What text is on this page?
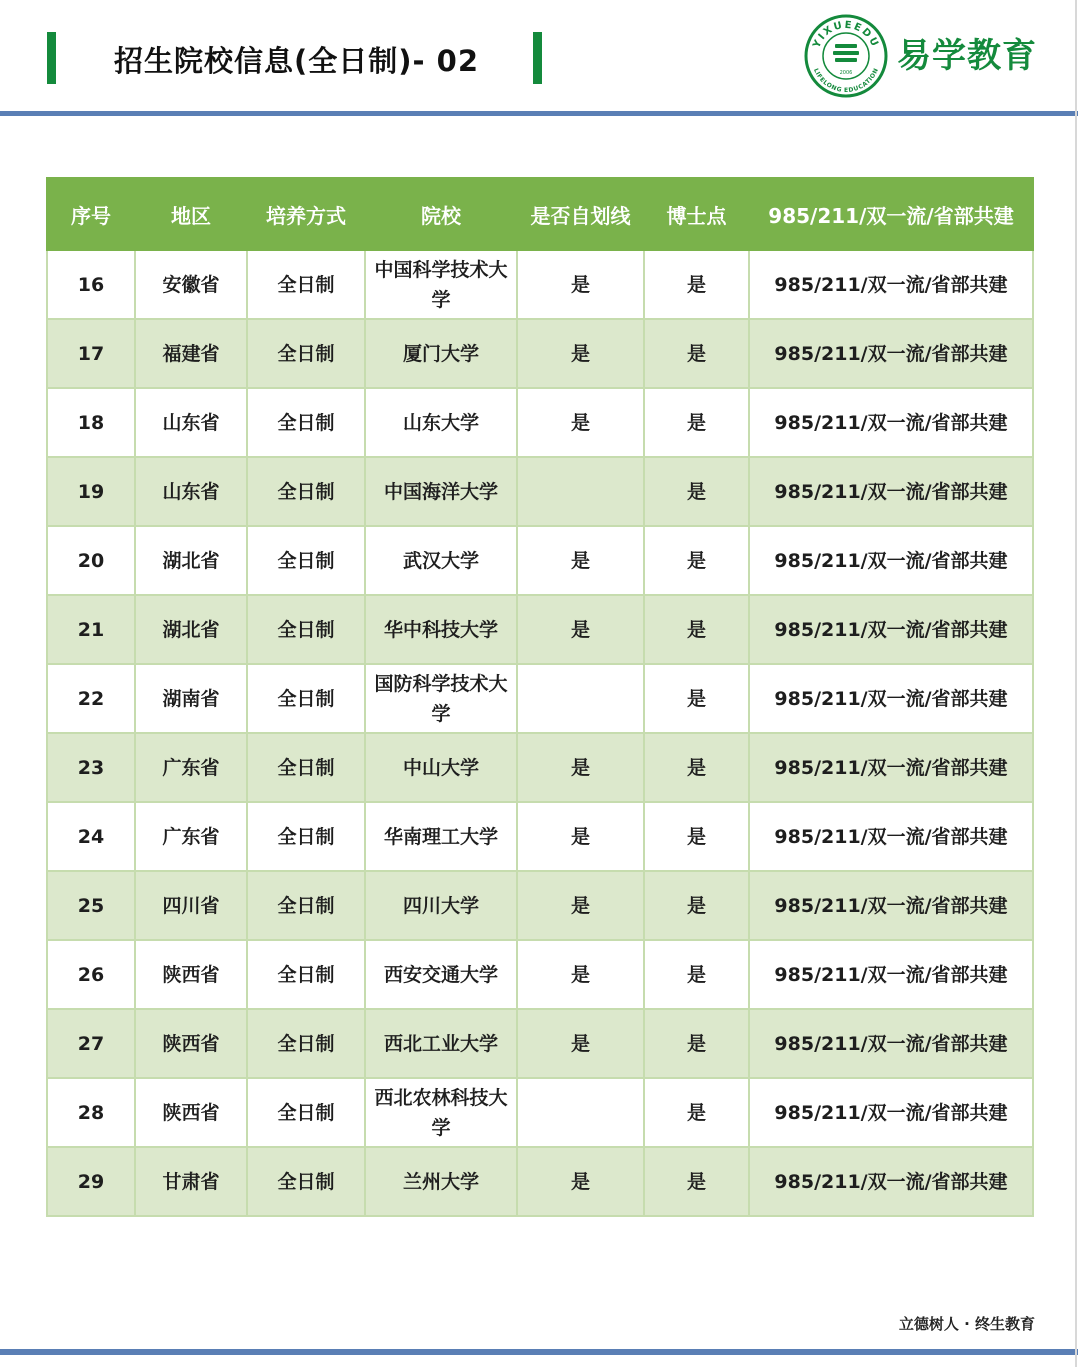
招生院校信息(全日制)- 02
YIXUEEDU
LIFELONG EDUCATION
2006 易学教育
序号	地区	培养方式	院校	是否自划线	博士点	985/211/双一流/省部共建
16	安徽省	全日制	中国科学技术大学	是	是	985/211/双一流/省部共建
17	福建省	全日制	厦门大学	是	是	985/211/双一流/省部共建
18	山东省	全日制	山东大学	是	是	985/211/双一流/省部共建
19	山东省	全日制	中国海洋大学		是	985/211/双一流/省部共建
20	湖北省	全日制	武汉大学	是	是	985/211/双一流/省部共建
21	湖北省	全日制	华中科技大学	是	是	985/211/双一流/省部共建
22	湖南省	全日制	国防科学技术大学		是	985/211/双一流/省部共建
23	广东省	全日制	中山大学	是	是	985/211/双一流/省部共建
24	广东省	全日制	华南理工大学	是	是	985/211/双一流/省部共建
25	四川省	全日制	四川大学	是	是	985/211/双一流/省部共建
26	陕西省	全日制	西安交通大学	是	是	985/211/双一流/省部共建
27	陕西省	全日制	西北工业大学	是	是	985/211/双一流/省部共建
28	陕西省	全日制	西北农林科技大学		是	985/211/双一流/省部共建
29	甘肃省	全日制	兰州大学	是	是	985/211/双一流/省部共建
立德树人 · 终生教育
